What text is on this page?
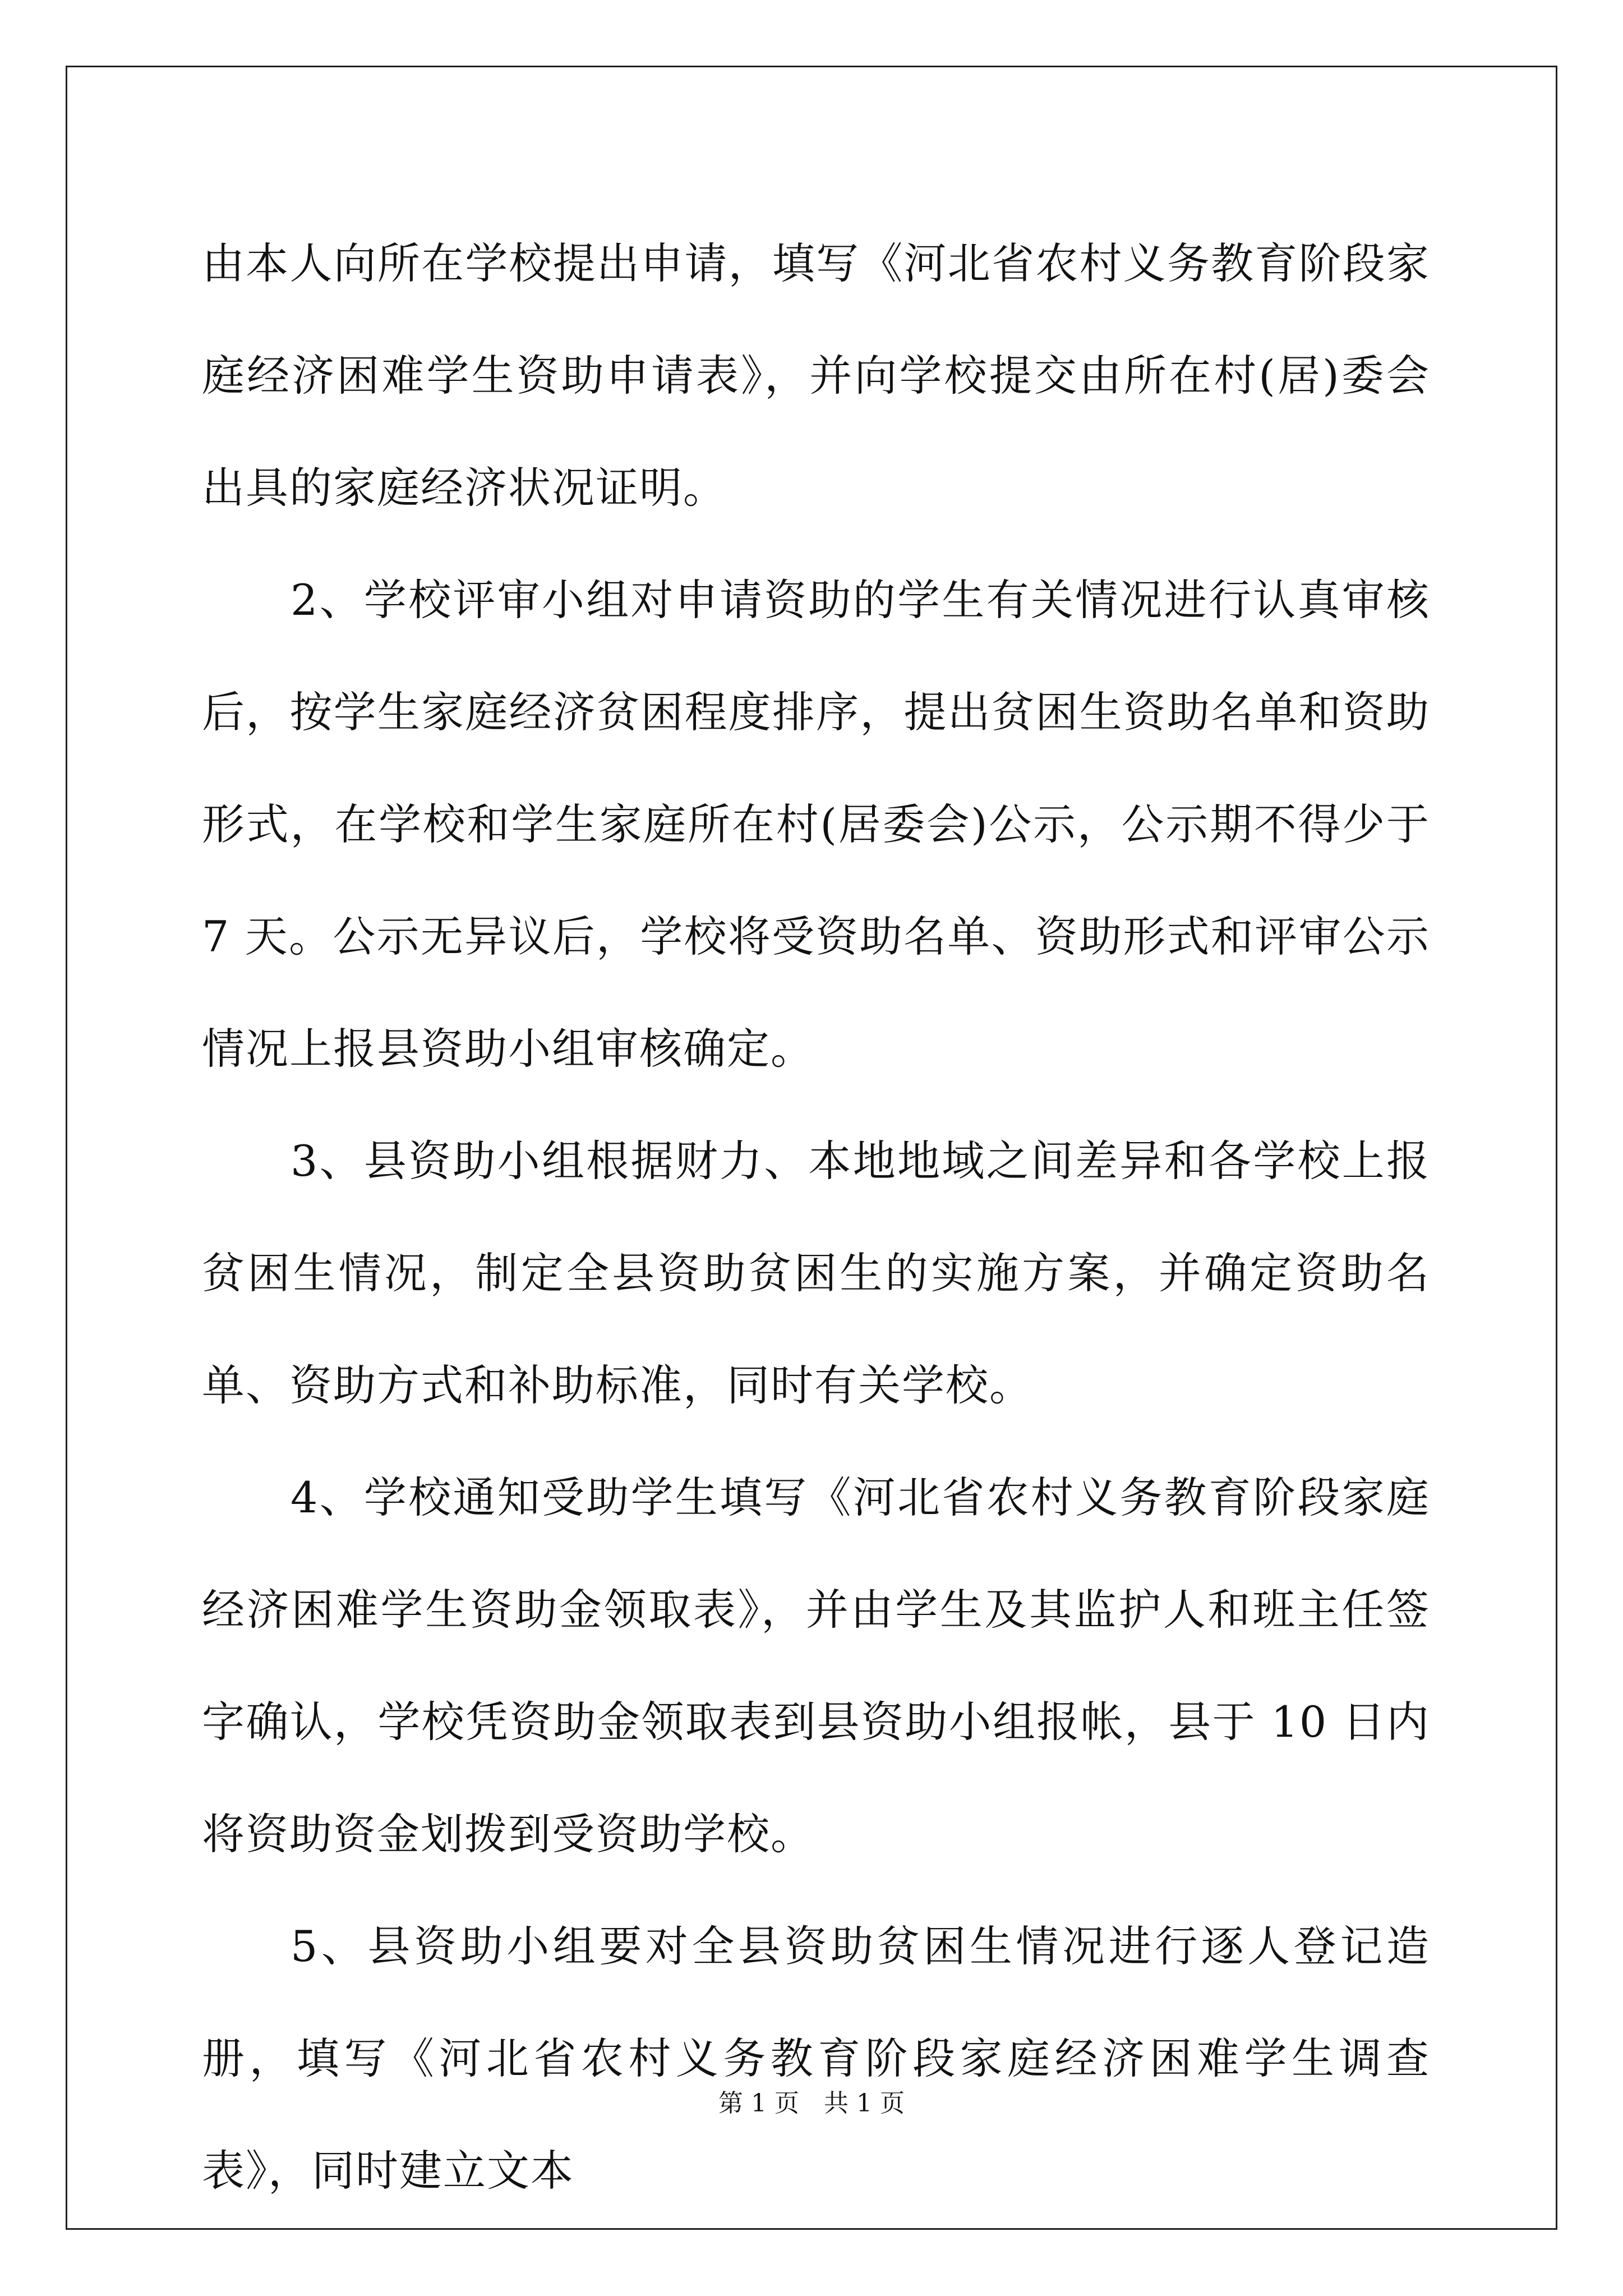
由本人向所在学校提出申请，填写《河北省农村义务教育阶段家庭经济困难学生资助申请表》，并向学校提交由所在村(居)委会出具的家庭经济状况证明。

2、学校评审小组对申请资助的学生有关情况进行认真审核后，按学生家庭经济贫困程度排序，提出贫困生资助名单和资助形式，在学校和学生家庭所在村(居委会)公示，公示期不得少于 7 天。公示无异议后，学校将受资助名单、资助形式和评审公示情况上报县资助小组审核确定。

3、县资助小组根据财力、本地地域之间差异和各学校上报贫困生情况，制定全县资助贫困生的实施方案，并确定资助名单、资助方式和补助标准，同时有关学校。

4、学校通知受助学生填写《河北省农村义务教育阶段家庭经济困难学生资助金领取表》，并由学生及其监护人和班主任签字确认，学校凭资助金领取表到县资助小组报帐，县于 10 日内将资助资金划拨到受资助学校。

5、县资助小组要对全县资助贫困生情况进行逐人登记造册，填写《河北省农村义务教育阶段家庭经济困难学生调查表》，同时建立文本

第 1 页 共 1 页
